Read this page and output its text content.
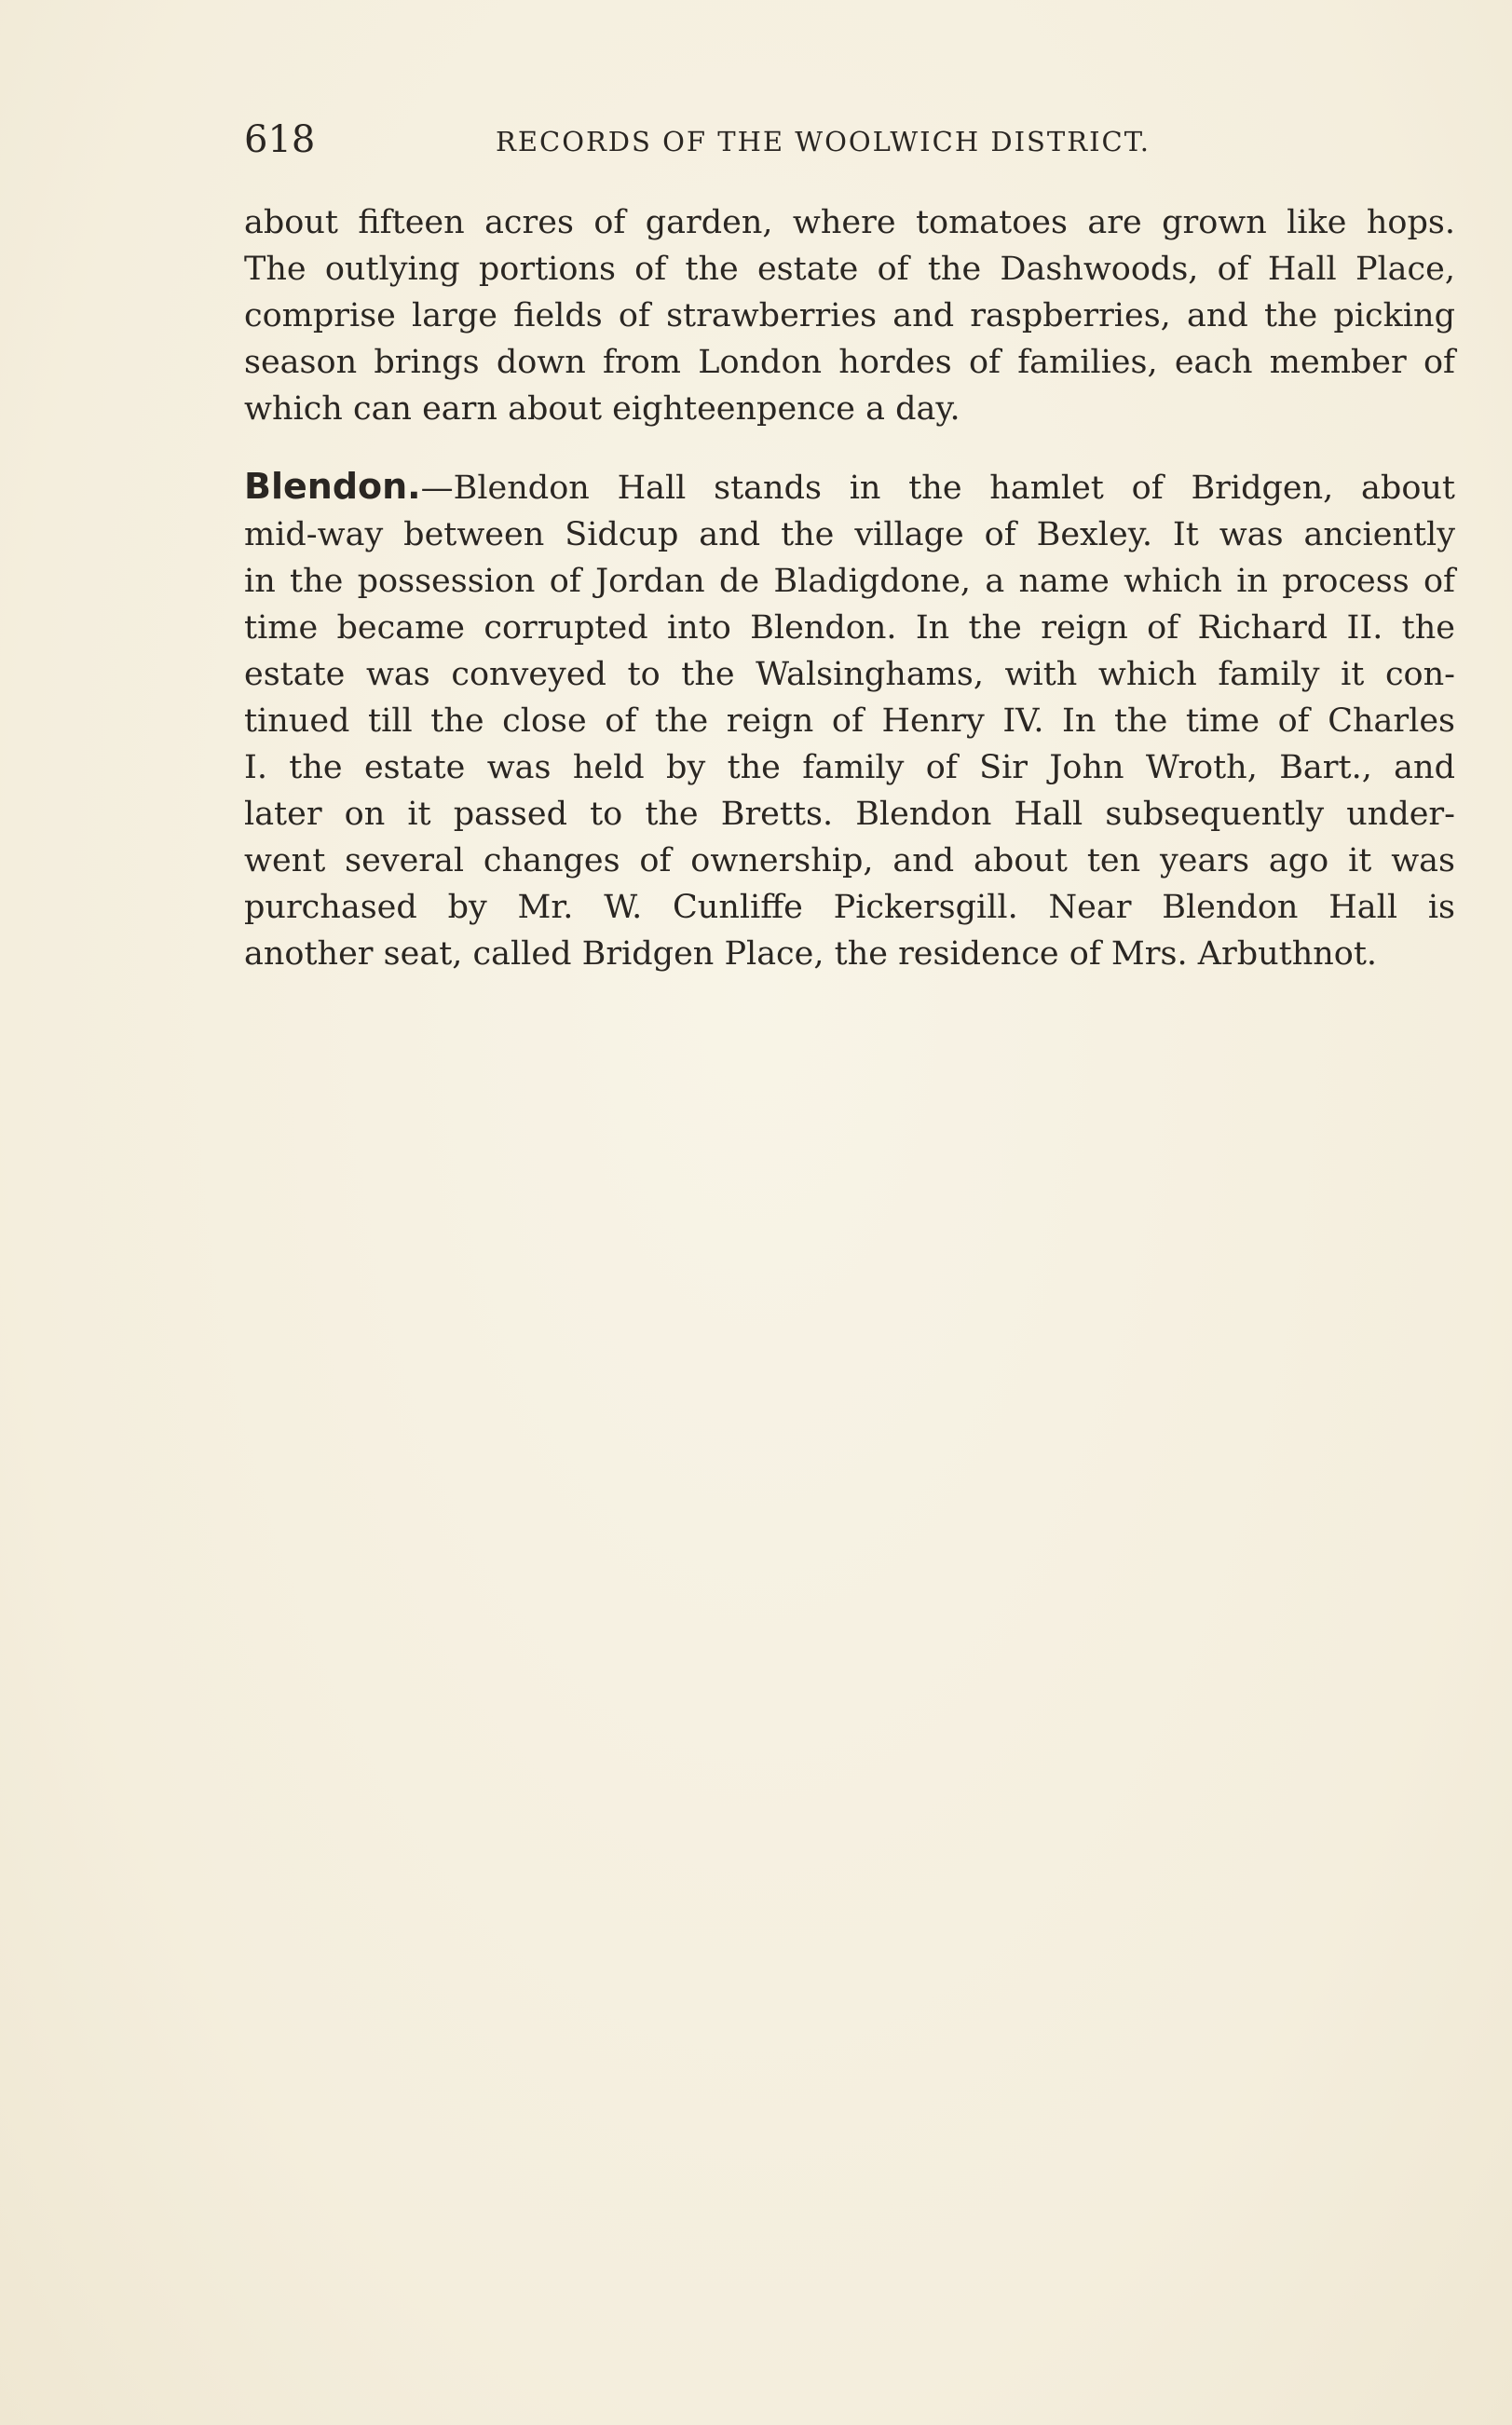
618	RECORDS OF THE WOOLWICH DISTRICT.
about fifteen acres of garden, where tomatoes are grown like hops.
The outlying portions of the estate of the Dashwoods, of Hall Place,
comprise large fields of strawberries and raspberries, and the picking
season brings down from London hordes of families, each member of
which can earn about eighteenpence a day.
Blendon.—Blendon Hall stands in the hamlet of Bridgen, about
mid-way between Sidcup and the village of Bexley. It was anciently
in the possession of Jordan de Bladigdone, a name which in process of
time became corrupted into Blendon. In the reign of Richard II. the
estate was conveyed to the Walsinghams, with which family it con-
tinued till the close of the reign of Henry IV. In the time of Charles
I. the estate was held by the family of Sir John Wroth, Bart., and
later on it passed to the Bretts. Blendon Hall subsequently under-
went several changes of ownership, and about ten years ago it was
purchased by Mr. W. Cunliffe Pickersgill. Near Blendon Hall is
another seat, called Bridgen Place, the residence of Mrs. Arbuthnot.
